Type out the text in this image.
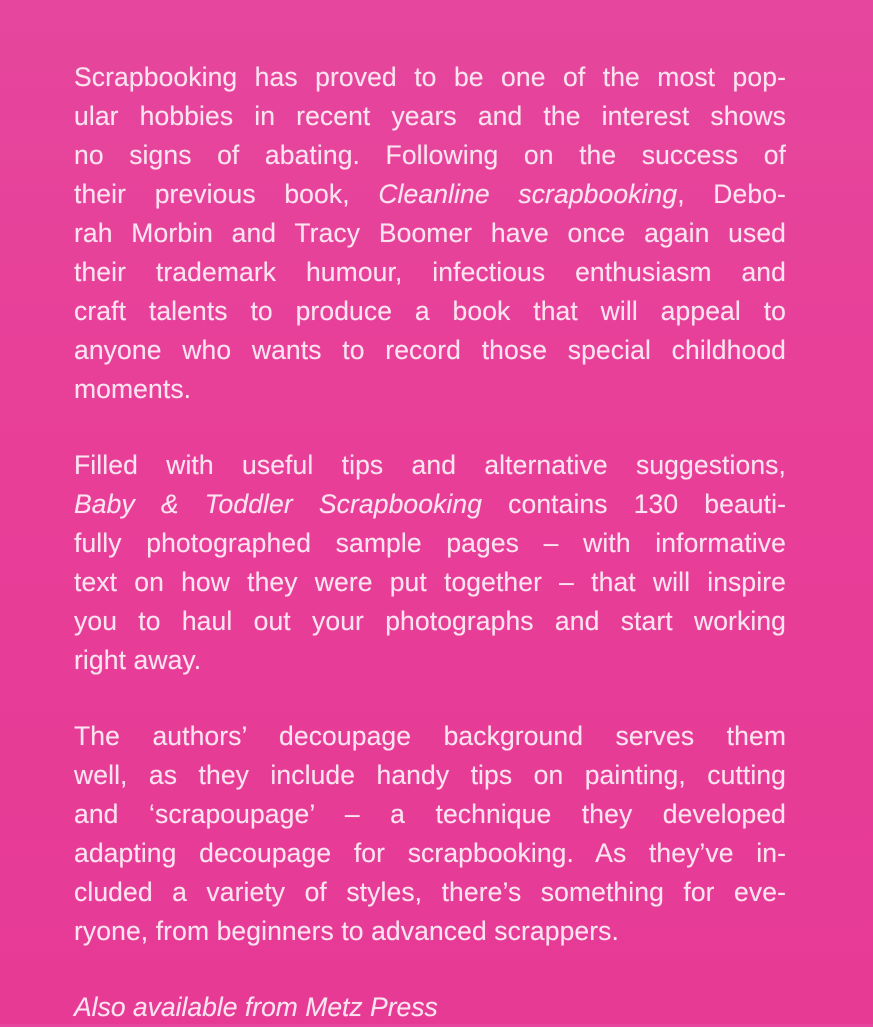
Scrapbooking has proved to be one of the most pop-
ular hobbies in recent years and the interest shows
no signs of abating. Following on the success of
their previous book, Cleanline scrapbooking, Debo-
rah Morbin and Tracy Boomer have once again used
their trademark humour, infectious enthusiasm and
craft talents to produce a book that will appeal to
anyone who wants to record those special childhood
moments.

Filled with useful tips and alternative suggestions,
Baby & Toddler Scrapbooking contains 130 beauti-
fully photographed sample pages – with informative
text on how they were put together – that will inspire
you to haul out your photographs and start working
right away.

The authors’ decoupage background serves them
well, as they include handy tips on painting, cutting
and ‘scrapoupage’ – a technique they developed
adapting decoupage for scrapbooking. As they’ve in-
cluded a variety of styles, there’s something for eve-
ryone, from beginners to advanced scrappers.

Also available from Metz Press
